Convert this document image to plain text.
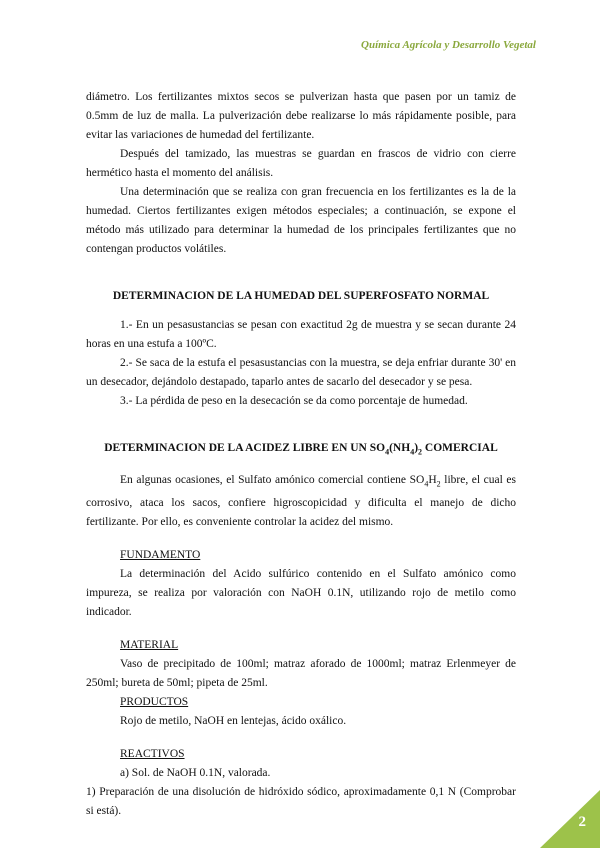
Química Agrícola y Desarrollo Vegetal

diámetro. Los fertilizantes mixtos secos se pulverizan hasta que pasen por un tamiz de 0.5mm de luz de malla. La pulverización debe realizarse lo más rápidamente posible, para evitar las variaciones de humedad del fertilizante.

Después del tamizado, las muestras se guardan en frascos de vidrio con cierre hermético hasta el momento del análisis.

Una determinación que se realiza con gran frecuencia en los fertilizantes es la de la humedad. Ciertos fertilizantes exigen métodos especiales; a continuación, se expone el método más utilizado para determinar la humedad de los principales fertilizantes que no contengan productos volátiles.

DETERMINACION DE LA HUMEDAD DEL SUPERFOSFATO NORMAL

1.- En un pesasustancias se pesan con exactitud 2g de muestra y se secan durante 24 horas en una estufa a 100ºC.

2.- Se saca de la estufa el pesasustancias con la muestra, se deja enfriar durante 30' en un desecador, dejándolo destapado, taparlo antes de sacarlo del desecador y se pesa.

3.- La pérdida de peso en la desecación se da como porcentaje de humedad.

DETERMINACION DE LA ACIDEZ LIBRE EN UN $SO_4(NH_4)_2$ COMERCIAL

En algunas ocasiones, el Sulfato amónico comercial contiene $SO_4H_2$ libre, el cual es corrosivo, ataca los sacos, confiere higroscopicidad y dificulta el manejo de dicho fertilizante. Por ello, es conveniente controlar la acidez del mismo.

FUNDAMENTO

La determinación del Acido sulfúrico contenido en el Sulfato amónico como impureza, se realiza por valoración con NaOH 0.1N, utilizando rojo de metilo como indicador.

MATERIAL

Vaso de precipitado de 100ml; matraz aforado de 1000ml; matraz Erlenmeyer de 250ml; bureta de 50ml; pipeta de 25ml.

PRODUCTOS

Rojo de metilo, NaOH en lentejas, ácido oxálico.

REACTIVOS

a) Sol. de NaOH 0.1N, valorada.

1) Preparación de una disolución de hidróxido sódico, aproximadamente 0,1 N (Comprobar si está).

2
